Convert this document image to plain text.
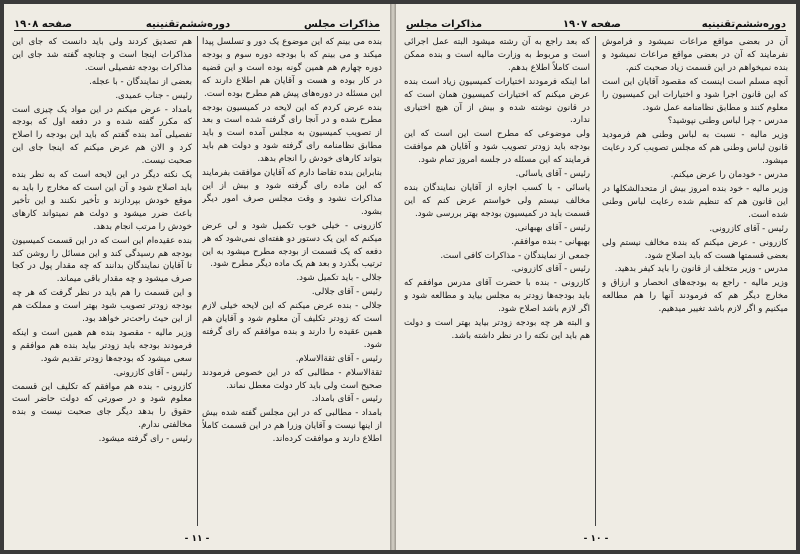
مذاکرات مجلس
دوره‌ششم‌تقنینیه
صفحه ١٩٠٨

بنده می بینم که این موضوع یک دور و تسلسل پیدا میکند و می بینم که با بودجه دوره سوم و بودجه دوره چهارم هم همین گونه بوده است و این قضیه در کار بوده و هست و آقایان هم اطلاع دارند که این مسئله در دوره‌های پیش هم مطرح بوده است.

بنده عرض کردم که این لایحه در کمیسیون بودجه مطرح شده و در آنجا رای گرفته شده است و بعد از تصویب کمیسیون به مجلس آمده است و باید مطابق نظامنامه رای گرفته شود و دولت هم باید بتواند کارهای خودش را انجام بدهد.

بنابراین بنده تقاضا دارم که آقایان موافقت بفرمایند که این ماده رای گرفته شود و بیش از این مذاکرات نشود و وقت مجلس صرف امور دیگر بشود.

کازرونی - خیلی خوب تکمیل شود و لی عرض میکنم که این یک دستور دو هفته‌ای نمی‌شود که هر دفعه که یک قسمت از بودجه مطرح میشود به این ترتیب بگذرد و بعد هم یک ماده دیگر مطرح شود.

جلالی - باید تکمیل شود.

رئیس - آقای جلالی.

جلالی - بنده عرض میکنم که این لایحه خیلی لازم است که زودتر تکلیف آن معلوم شود و آقایان هم همین عقیده را دارند و بنده موافقم که رای گرفته شود.

رئیس - آقای ثقةالاسلام.

ثقةالاسلام - مطالبی که در این خصوص فرمودند صحیح است ولی باید کار دولت معطل نماند.

رئیس - آقای بامداد.

بامداد - مطالبی که در این مجلس گفته شده بیش از اینها نیست و آقایان وزرا هم در این قسمت کاملاً اطلاع دارند و موافقت کرده‌اند.

هم تصدیق کردند ولی باید دانست که جای این مذاکرات اینجا است و چنانچه گفته شد جای این مذاکرات بودجه تفصیلی است.

بعضی از نمایندگان - با عجله.

رئیس - جناب عمیدی.

بامداد - عرض میکنم در این مواد یک چیزی است که مکرر گفته شده و در دفعه اول که بودجه تفصیلی آمد بنده گفتم که باید این بودجه را اصلاح کرد و الان هم عرض میکنم که اینجا جای این صحبت نیست.

یک نکته دیگر در این لایحه است که به نظر بنده باید اصلاح شود و آن این است که مخارج را باید به موقع خودش بپردازند و تأخیر نکنند و این تأخیر باعث ضرر میشود و دولت هم نمیتواند کارهای خودش را مرتب انجام بدهد.

بنده عقیده‌ام این است که در این قسمت کمیسیون بودجه هم رسیدگی کند و این مسائل را روشن کند تا آقایان نمایندگان بدانند که چه مقدار پول در کجا صرف میشود و چه مقدار باقی میماند.

و این قسمت را هم باید در نظر گرفت که هر چه بودجه زودتر تصویب شود بهتر است و مملکت هم از این حیث راحت‌تر خواهد بود.

وزیر مالیه - مقصود بنده هم همین است و اینکه فرمودند بودجه باید زودتر بیاید بنده هم موافقم و سعی میشود که بودجه‌ها زودتر تقدیم شود.

رئیس - آقای کازرونی.

کازرونی - بنده هم موافقم که تکلیف این قسمت معلوم شود و در صورتی که دولت حاضر است حقوق را بدهد دیگر جای صحبت نیست و بنده مخالفتی ندارم.

رئیس - رای گرفته میشود.

- ١١ -
دوره‌ششم‌تقنینیه
صفحه ١٩٠٧
مذاکرات مجلس

آن در بعضی مواقع مراعات نمیشود و فراموش نفرمایند که آن در بعضی مواقع مراعات نمیشود و بنده نمیخواهم در این قسمت زیاد صحبت کنم.

آنچه مسلم است اینست که مقصود آقایان این است که این قانون اجرا شود و اختیارات این کمیسیون را معلوم کنند و مطابق نظامنامه عمل شود.

مدرس - چرا لباس وطنی نپوشید؟

وزیر مالیه - نسبت به لباس وطنی هم فرمودید قانون لباس وطنی هم که مجلس تصویب کرد رعایت میشود.

مدرس - خودمان را عرض میکنم.

وزیر مالیه - خود بنده امروز بیش از متحدالشکلها در این قانون هم که تنظیم شده رعایت لباس وطنی شده است.

رئیس - آقای کازرونی.

کازرونی - عرض میکنم که بنده مخالف نیستم ولی بعضی قسمتها هست که باید اصلاح شود.

مدرس - وزیر متخلف از قانون را باید کیفر بدهید.

وزیر مالیه - راجع به بودجه‌های انحصار و ارزاق و مخارج دیگر هم که فرمودند آنها را هم مطالعه میکنیم و اگر لازم باشد تغییر میدهیم.

که بعد راجع به آن رشته میشود البته عمل اجرائی است و مربوط به وزارت مالیه است و بنده ممکن است کاملاً اطلاع بدهم.

اما اینکه فرمودند اختیارات کمیسیون زیاد است بنده عرض میکنم که اختیارات کمیسیون همان است که در قانون نوشته شده و بیش از آن هیچ اختیاری ندارد.

ولی موضوعی که مطرح است این است که این بودجه باید زودتر تصویب شود و آقایان هم موافقت فرمایند که این مسئله در جلسه امروز تمام شود.

رئیس - آقای یاسائی.

یاسائی - با کسب اجازه از آقایان نمایندگان بنده مخالف نیستم ولی خواستم عرض کنم که این قسمت باید در کمیسیون بودجه بهتر بررسی شود.

رئیس - آقای بهبهانی.

بهبهانی - بنده موافقم.

جمعی از نمایندگان - مذاکرات کافی است.

رئیس - آقای کازرونی.

کازرونی - بنده با حضرت آقای مدرس موافقم که باید بودجه‌ها زودتر به مجلس بیاید و مطالعه شود و اگر لازم باشد اصلاح شود.

و البته هر چه بودجه زودتر بیاید بهتر است و دولت هم باید این نکته را در نظر داشته باشد.

- ١٠ -
